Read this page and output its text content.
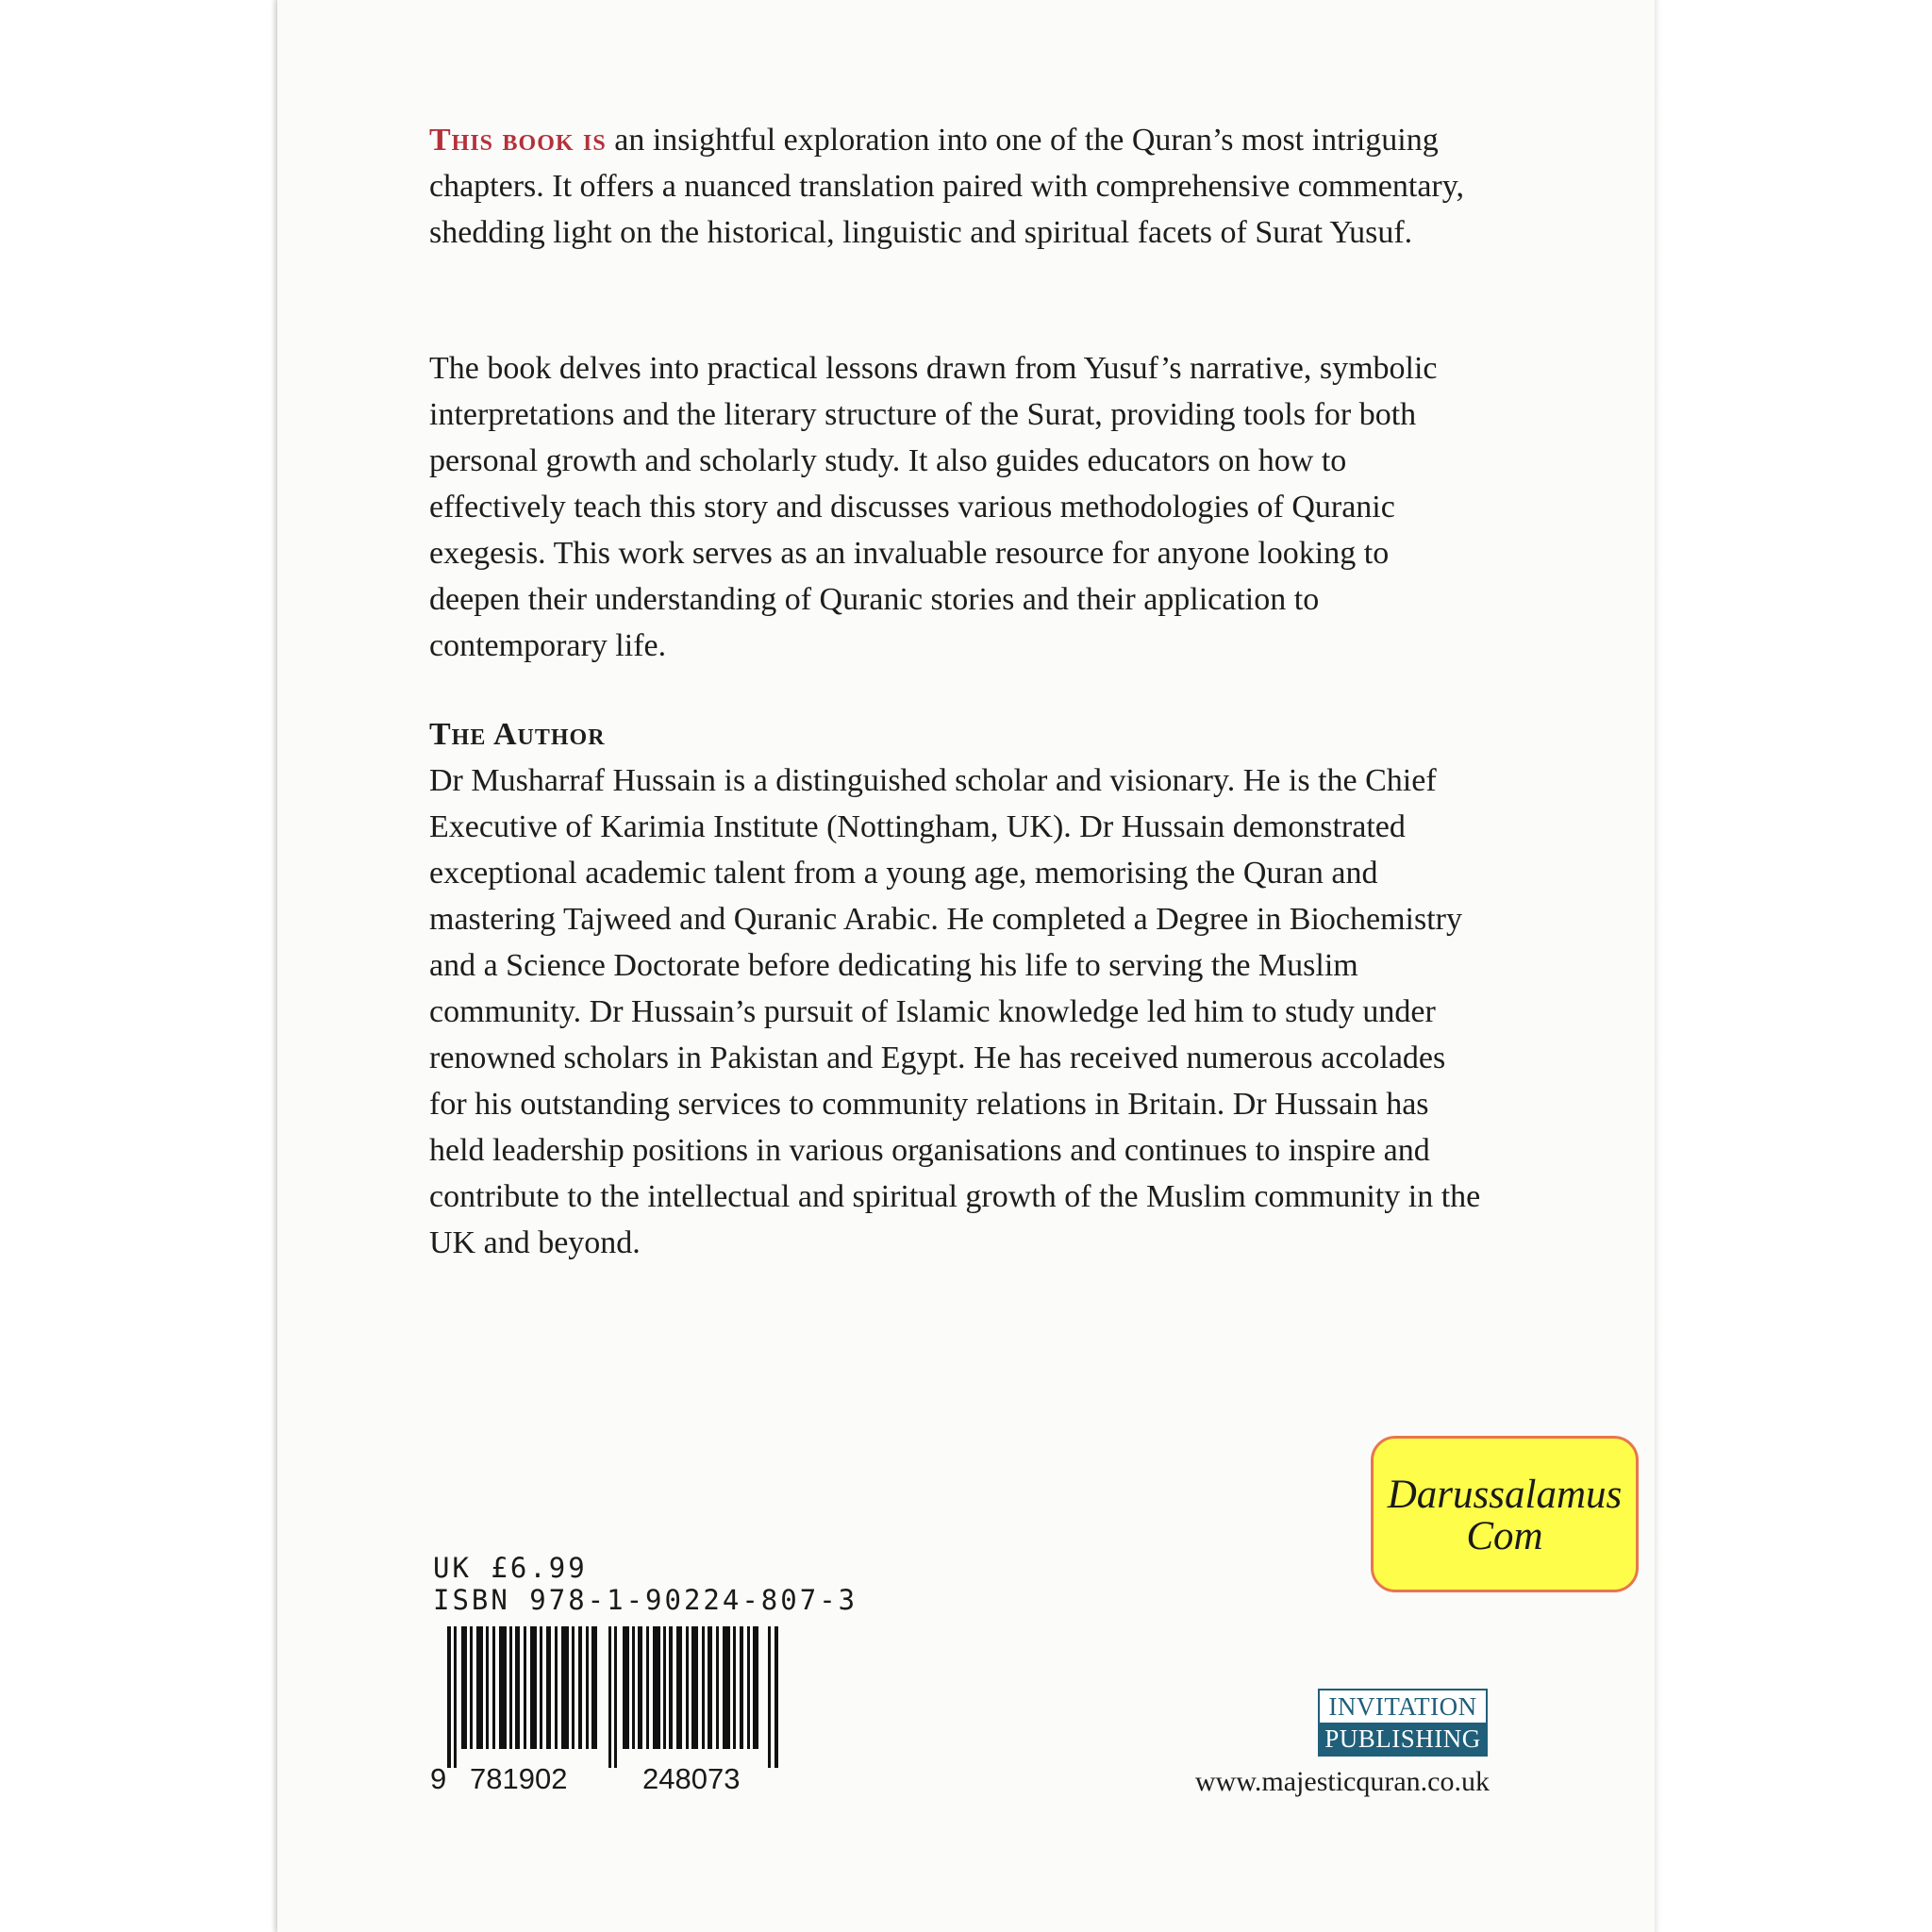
This book is an insightful exploration into one of the Quran’s most intriguing chapters. It offers a nuanced translation paired with comprehensive commentary, shedding light on the historical, linguistic and spiritual facets of Surat Yusuf.

The book delves into practical lessons drawn from Yusuf’s narrative, symbolic interpretations and the literary structure of the Surat, providing tools for both personal growth and scholarly study. It also guides educators on how to effectively teach this story and discusses various methodologies of Quranic exegesis. This work serves as an invaluable resource for anyone looking to deepen their understanding of Quranic stories and their application to contemporary life.

The Author
Dr Musharraf Hussain is a distinguished scholar and visionary. He is the Chief Executive of Karimia Institute (Nottingham, UK). Dr Hussain demonstrated exceptional academic talent from a young age, memorising the Quran and mastering Tajweed and Quranic Arabic. He completed a Degree in Biochemistry and a Science Doctorate before dedicating his life to serving the Muslim community. Dr Hussain’s pursuit of Islamic knowledge led him to study under renowned scholars in Pakistan and Egypt. He has received numerous accolades for his outstanding services to community relations in Britain. Dr Hussain has held leadership positions in various organisations and continues to inspire and contribute to the intellectual and spiritual growth of the Muslim community in the UK and beyond.
UK £6.99
ISBN 978-1-90224-807-3
9 781902	248073
Darussalamus
Com
INVITATION
PUBLISHING
www.majesticquran.co.uk
